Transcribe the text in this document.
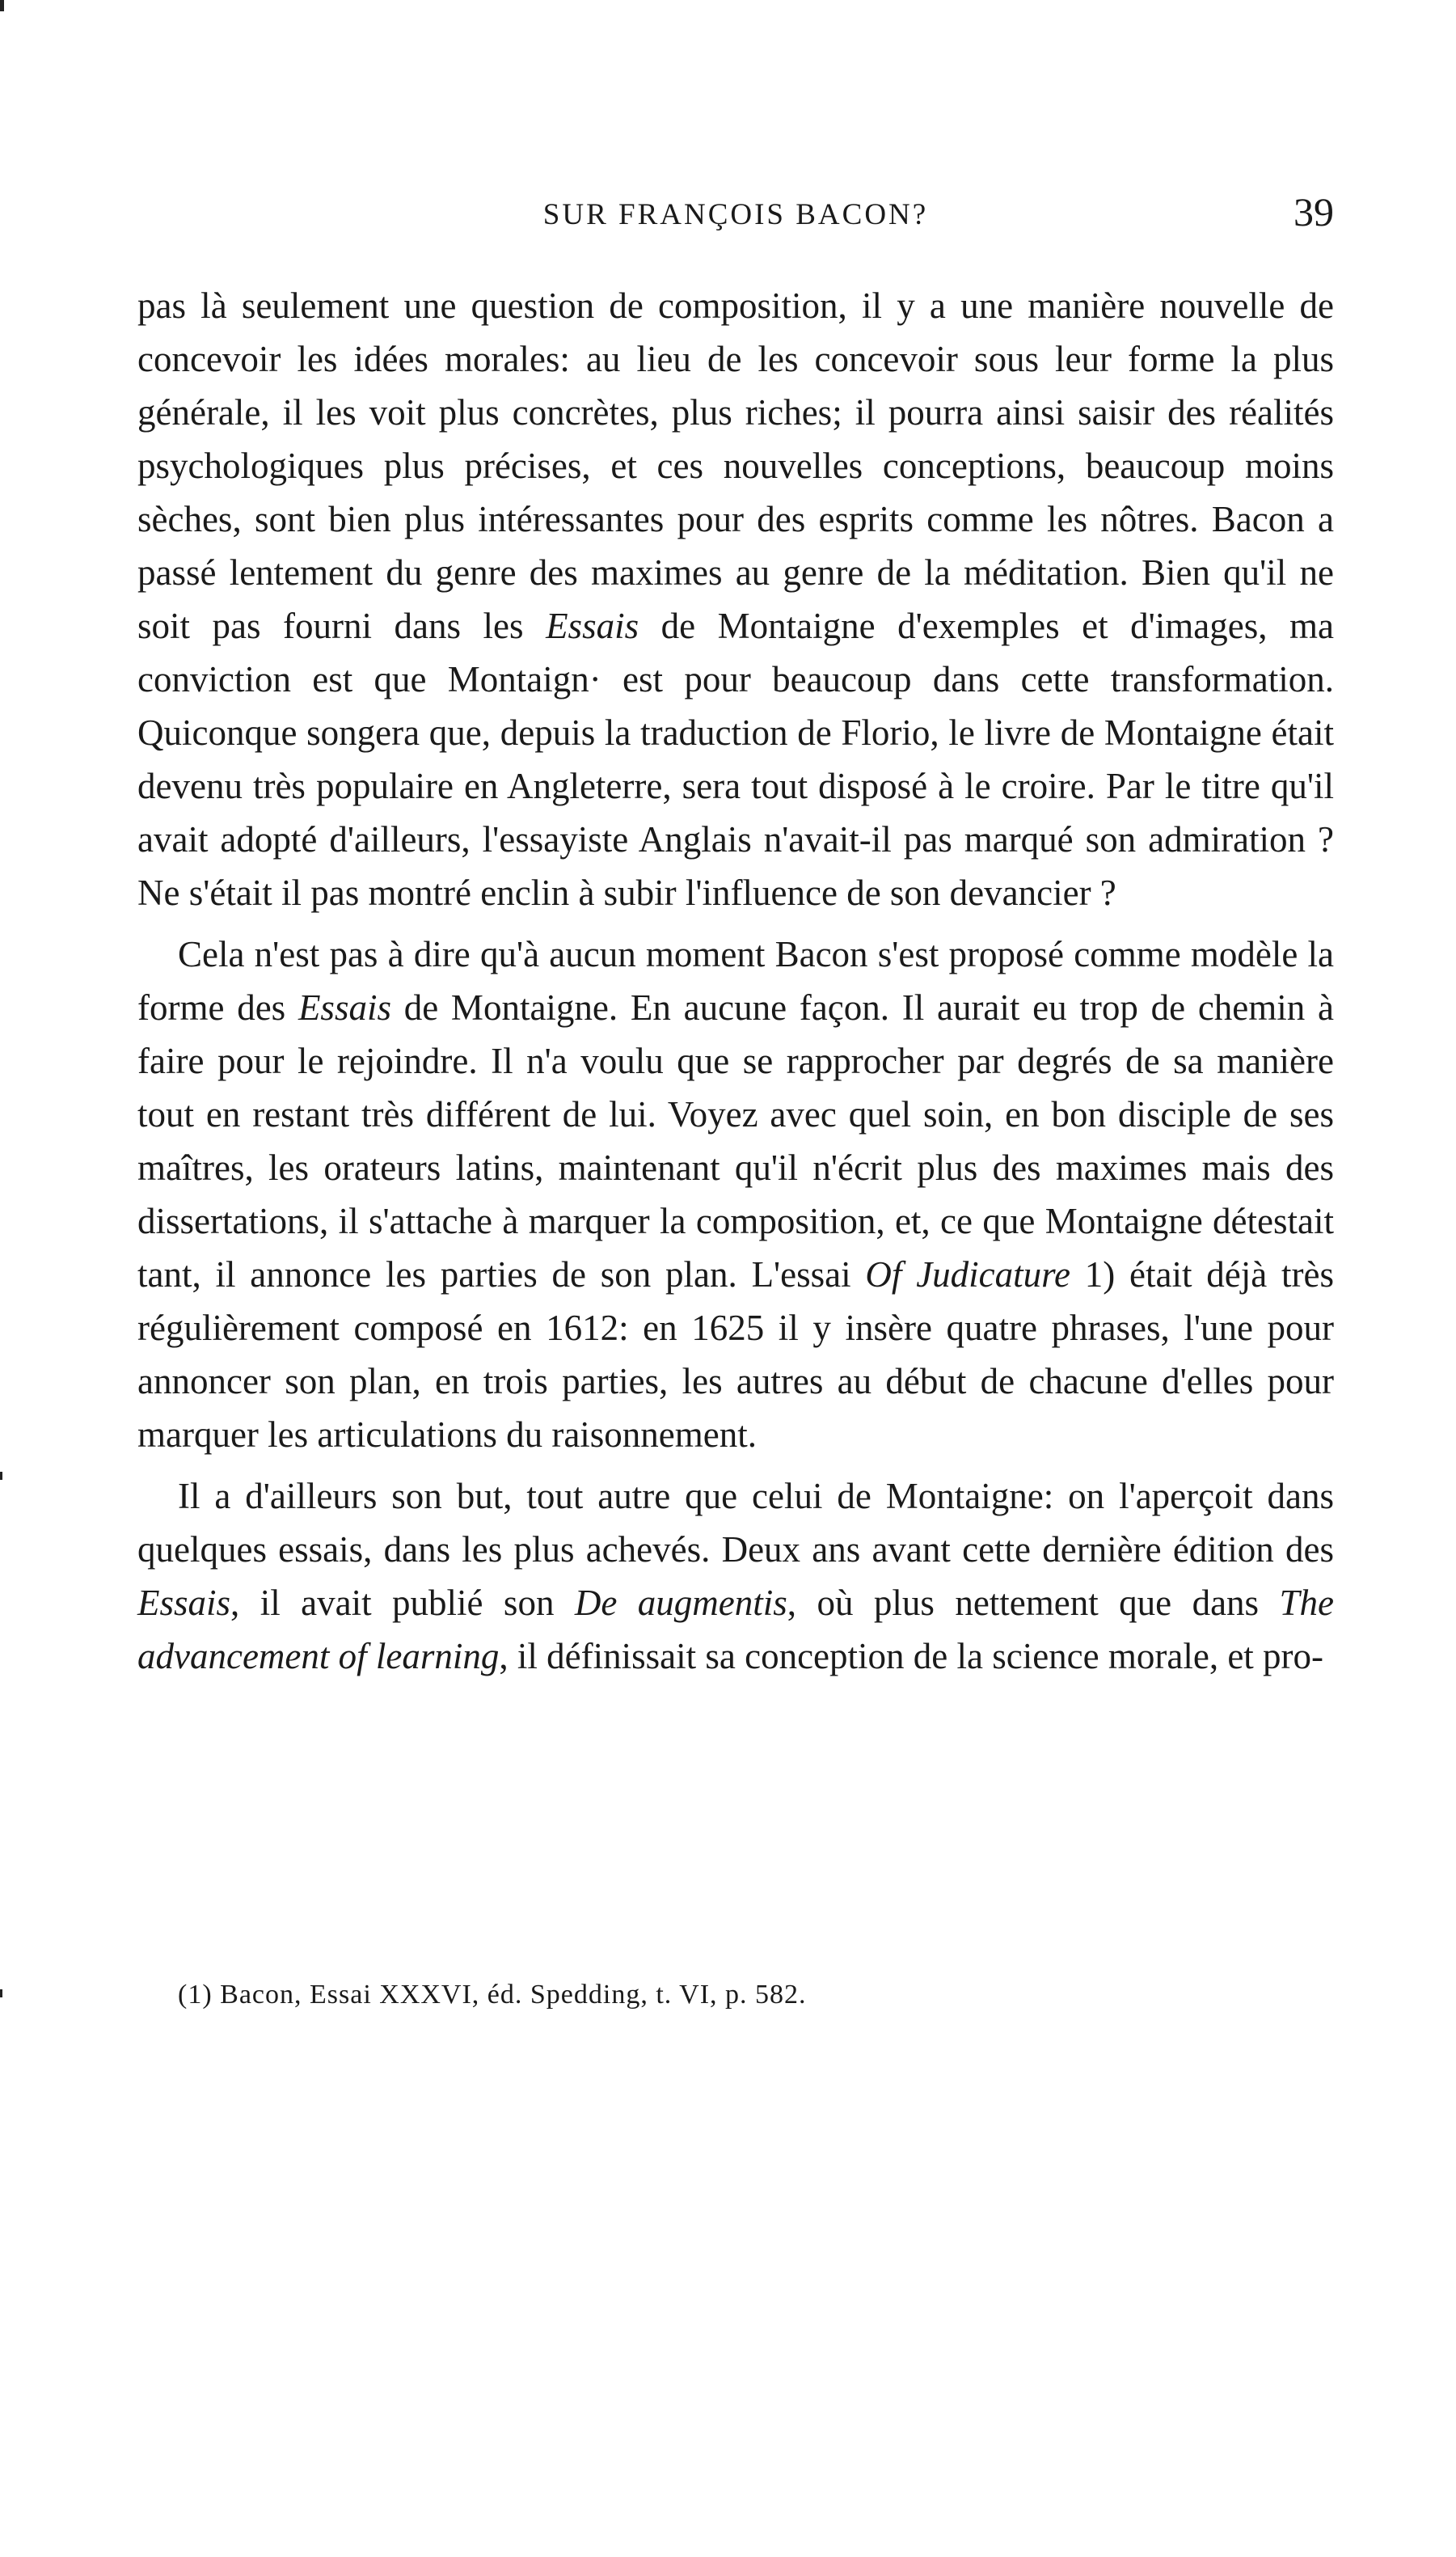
SUR FRANÇOIS BACON?	39

pas là seulement une question de composition, il y a une manière nouvelle de concevoir les idées morales: au lieu de les concevoir sous leur forme la plus générale, il les voit plus concrètes, plus riches; il pourra ainsi saisir des réalités psychologiques plus précises, et ces nouvelles conceptions, beaucoup moins sèches, sont bien plus intéressantes pour des esprits comme les nôtres. Bacon a passé lentement du genre des maximes au genre de la méditation. Bien qu'il ne soit pas fourni dans les Essais de Montaigne d'exemples et d'images, ma conviction est que Montaign· est pour beaucoup dans cette transformation. Quiconque songera que, depuis la traduction de Florio, le livre de Montaigne était devenu très populaire en Angleterre, sera tout disposé à le croire. Par le titre qu'il avait adopté d'ailleurs, l'essayiste Anglais n'avait-il pas marqué son admiration ? Ne s'était il pas montré enclin à subir l'influence de son devancier ?

Cela n'est pas à dire qu'à aucun moment Bacon s'est proposé comme modèle la forme des Essais de Montaigne. En aucune façon. Il aurait eu trop de chemin à faire pour le rejoindre. Il n'a voulu que se rapprocher par degrés de sa manière tout en restant très différent de lui. Voyez avec quel soin, en bon disciple de ses maîtres, les orateurs latins, maintenant qu'il n'écrit plus des maximes mais des dissertations, il s'attache à marquer la composition, et, ce que Montaigne détestait tant, il annonce les parties de son plan. L'essai Of Judicature 1) était déjà très régulièrement composé en 1612: en 1625 il y insère quatre phrases, l'une pour annoncer son plan, en trois parties, les autres au début de chacune d'elles pour marquer les articulations du raisonnement.

Il a d'ailleurs son but, tout autre que celui de Montaigne: on l'aperçoit dans quelques essais, dans les plus achevés. Deux ans avant cette dernière édition des Essais, il avait publié son De augmentis, où plus nettement que dans The advancement of learning, il définissait sa conception de la science morale, et pro-

(1) Bacon, Essai XXXVI, éd. Spedding, t. VI, p. 582.
